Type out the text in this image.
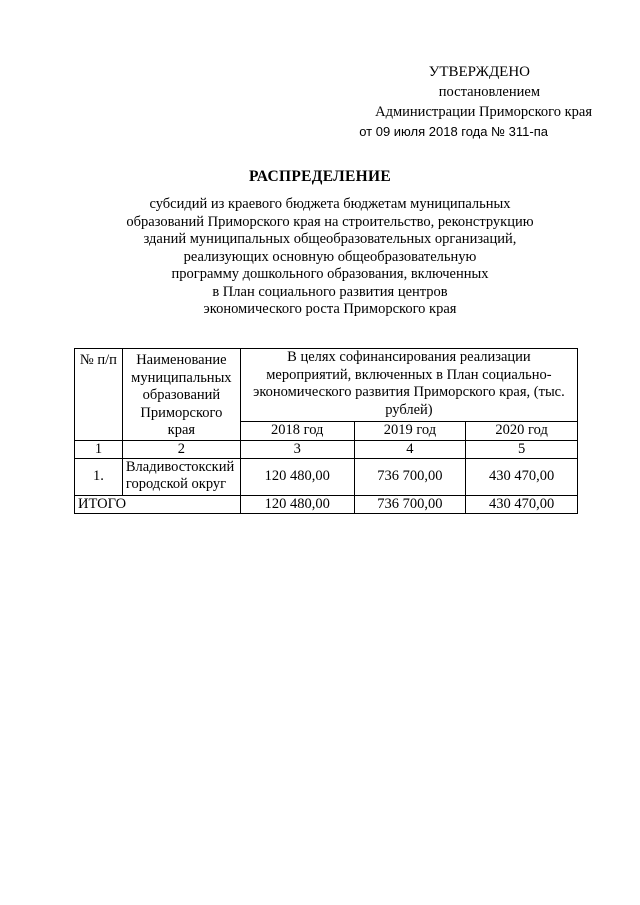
УТВЕРЖДЕНО
постановлением
Администрации Приморского края
от 09 июля 2018 года № 311-па
РАСПРЕДЕЛЕНИЕ
субсидий из краевого бюджета бюджетам муниципальных
образований Приморского края на строительство, реконструкцию
зданий муниципальных общеобразовательных организаций,
реализующих основную общеобразовательную
программу дошкольного образования, включенных
в План социального развития центров
экономического роста Приморского края
№ п/п	Наименование муниципальных образований Приморского края	В целях софинансирования реализации мероприятий, включенных в План социально-экономического развития Приморского края, (тыс. рублей)		
		2018 год	2019 год	2020 год
1	2	3	4	5
1.	Владивостокский городской округ	120 480,00	736 700,00	430 470,00
ИТОГО		120 480,00	736 700,00	430 470,00
